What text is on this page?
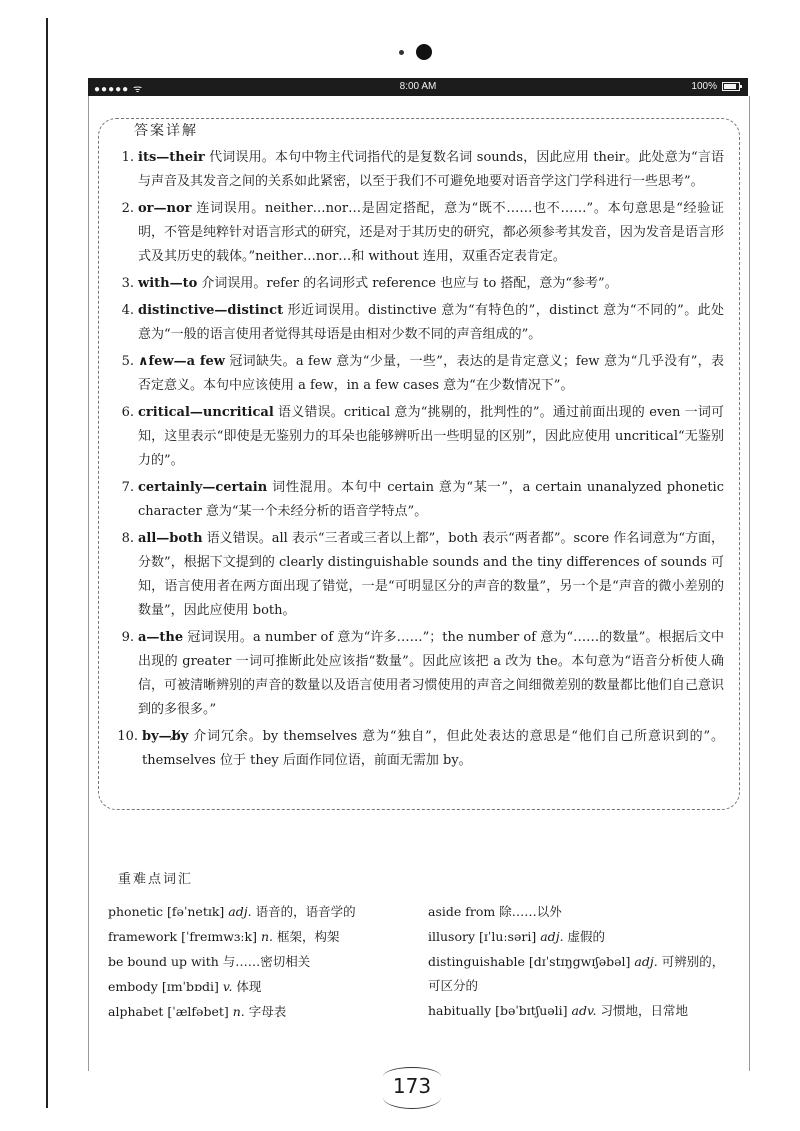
●●●●● ᯤ	8:00 AM	100%
答案详解
1. its—their 代词误用。本句中物主代词指代的是复数名词 sounds，因此应用 their。此处意为“言语与声音及其发音之间的关系如此紧密，以至于我们不可避免地要对语音学这门学科进行一些思考”。
2. or—nor 连词误用。neither…nor…是固定搭配，意为“既不……也不……”。本句意思是“经验证明，不管是纯粹针对语言形式的研究，还是对于其历史的研究，都必须参考其发音，因为发音是语言形式及其历史的载体。”neither…nor…和 without 连用，双重否定表肯定。
3. with—to 介词误用。refer 的名词形式 reference 也应与 to 搭配，意为“参考”。
4. distinctive—distinct 形近词误用。distinctive 意为“有特色的”，distinct 意为“不同的”。此处意为“一般的语言使用者觉得其母语是由相对少数不同的声音组成的”。
5. ∧few—a few 冠词缺失。a few 意为“少量，一些”，表达的是肯定意义；few 意为“几乎没有”，表否定意义。本句中应该使用 a few，in a few cases 意为“在少数情况下”。
6. critical—uncritical 语义错误。critical 意为“挑剔的，批判性的”。通过前面出现的 even 一词可知，这里表示“即使是无鉴别力的耳朵也能够辨听出一些明显的区别”，因此应使用 uncritical“无鉴别力的”。
7. certainly—certain 词性混用。本句中 certain 意为“某一”，a certain unanalyzed phonetic character 意为“某一个未经分析的语音学特点”。
8. all—both 语义错误。all 表示“三者或三者以上都”，both 表示“两者都”。score 作名词意为“方面，分数”，根据下文提到的 clearly distinguishable sounds and the tiny differences of sounds 可知，语言使用者在两方面出现了错觉，一是“可明显区分的声音的数量”，另一个是“声音的微小差别的数量”，因此应使用 both。
9. a—the 冠词误用。a number of 意为“许多……”；the number of 意为“……的数量”。根据后文中出现的 greater 一词可推断此处应该指“数量”。因此应该把 a 改为 the。本句意为“语音分析使人确信，可被清晰辨别的声音的数量以及语言使用者习惯使用的声音之间细微差别的数量都比他们自己意识到的多很多。”
10. by—b̸y 介词冗余。by themselves 意为“独自”，但此处表达的意思是“他们自己所意识到的”。themselves 位于 they 后面作同位语，前面无需加 by。
重难点词汇
phonetic [fəˈnetɪk] adj. 语音的，语音学的
framework [ˈfreɪmwɜːk] n. 框架，构架
be bound up with 与……密切相关
embody [ɪmˈbɒdi] v. 体现
alphabet [ˈælfəbet] n. 字母表
aside from 除……以外
illusory [ɪˈluːsəri] adj. 虚假的
distinguishable [dɪˈstɪŋgwɪʃəbəl] adj. 可辨别的，可区分的
habitually [bəˈbɪtʃuəli] adv. 习惯地，日常地
173
